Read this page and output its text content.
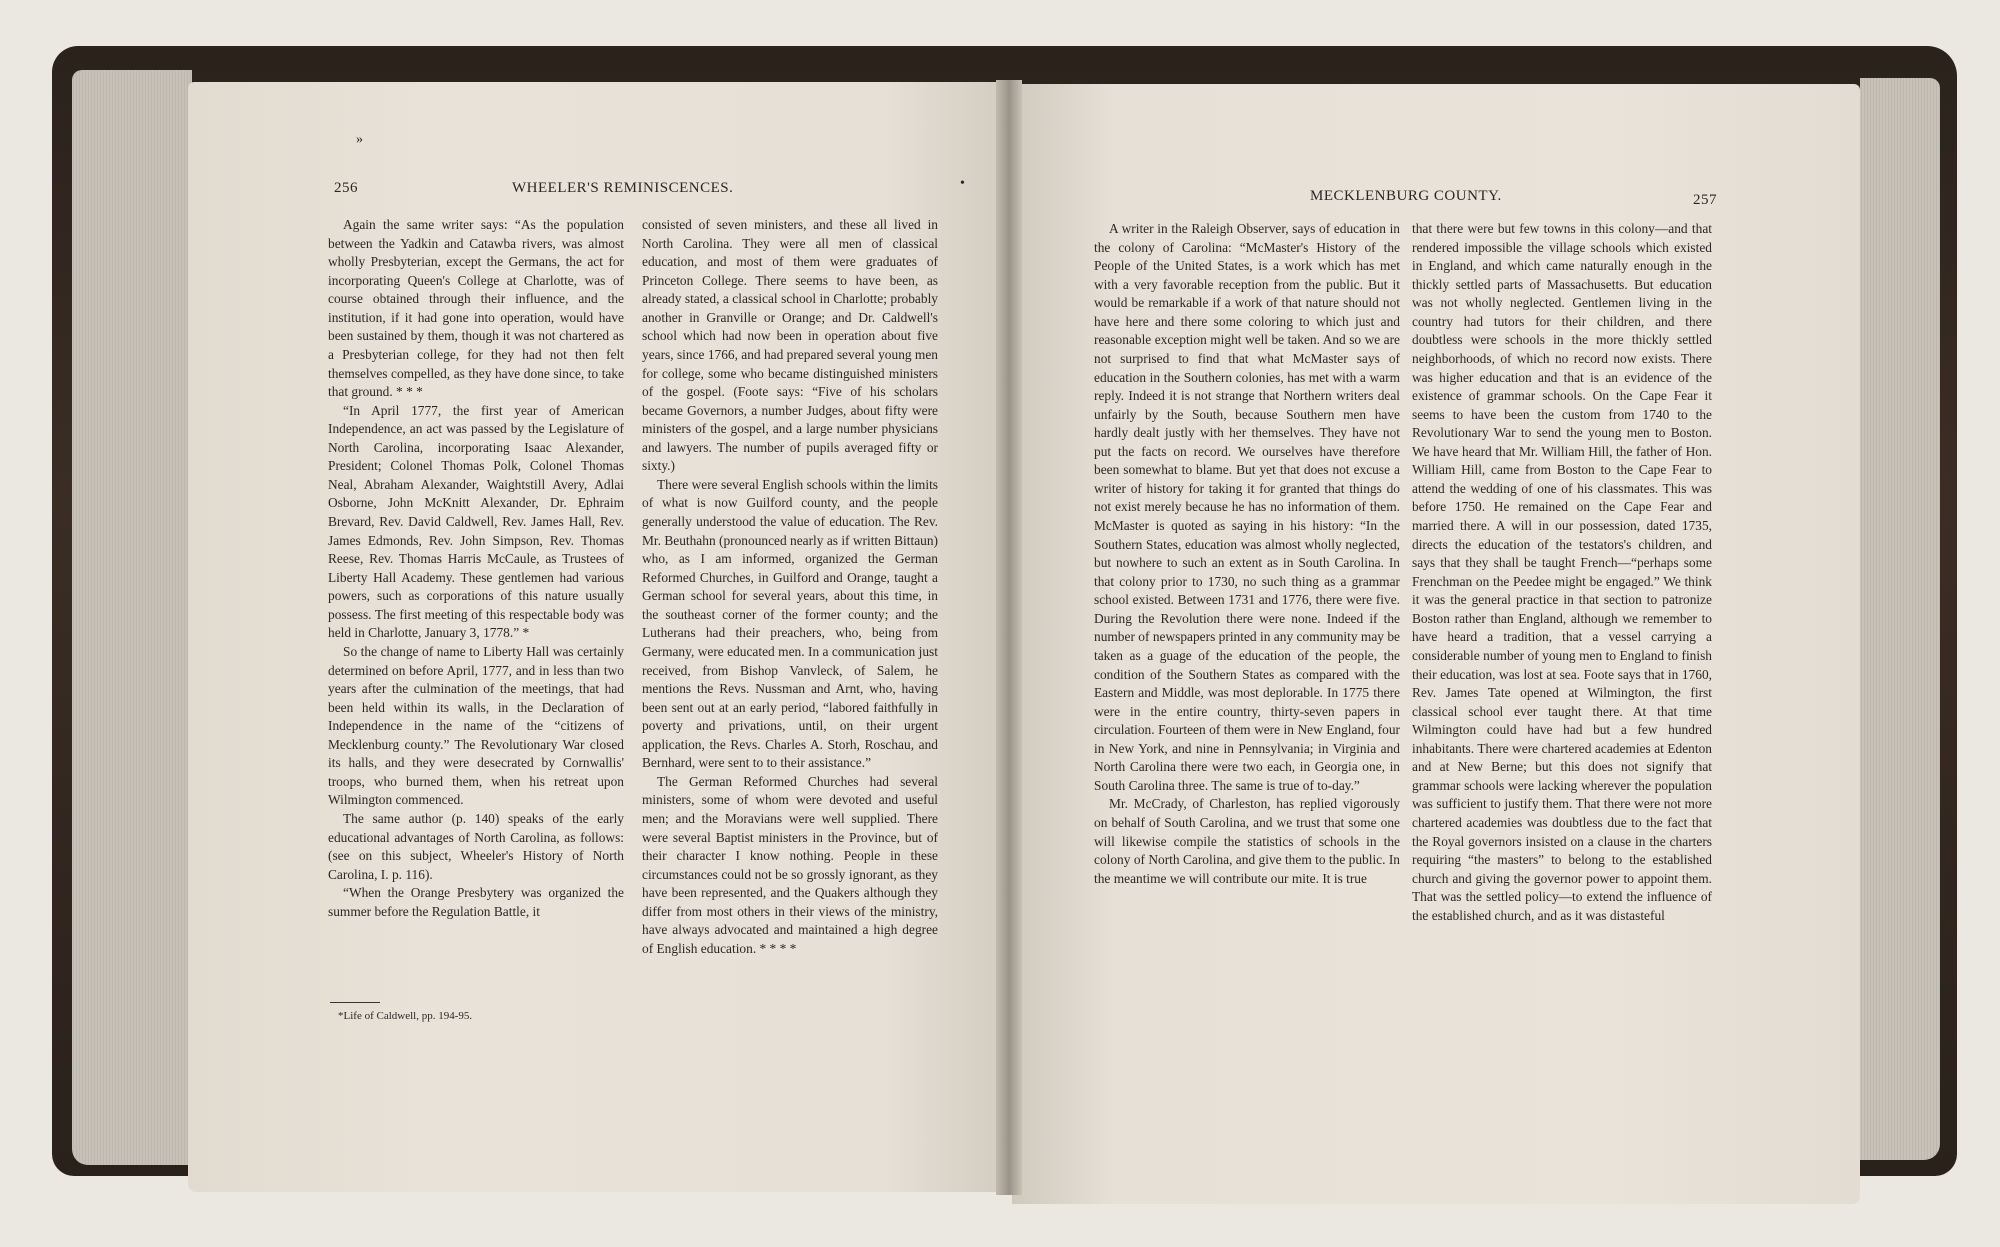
256	WHEELER'S REMINISCENCES.

Again the same writer says: “As the population between the Yadkin and Catawba rivers, was almost wholly Presbyterian, except the Germans, the act for incorporating Queen's College at Charlotte, was of course obtained through their influence, and the institution, if it had gone into operation, would have been sustained by them, though it was not chartered as a Presbyterian college, for they had not then felt themselves compelled, as they have done since, to take that ground. * * *

“In April 1777, the first year of American Independence, an act was passed by the Legislature of North Carolina, incorporating Isaac Alexander, President; Colonel Thomas Polk, Colonel Thomas Neal, Abraham Alexander, Waightstill Avery, Adlai Osborne, John McKnitt Alexander, Dr. Ephraim Brevard, Rev. David Caldwell, Rev. James Hall, Rev. James Edmonds, Rev. John Simpson, Rev. Thomas Reese, Rev. Thomas Harris McCaule, as Trustees of Liberty Hall Academy. These gentlemen had various powers, such as corporations of this nature usually possess. The first meeting of this respectable body was held in Charlotte, January 3, 1778.” *

So the change of name to Liberty Hall was certainly determined on before April, 1777, and in less than two years after the culmination of the meetings, that had been held within its walls, in the Declaration of Independence in the name of the “citizens of Mecklenburg county.” The Revolutionary War closed its halls, and they were desecrated by Cornwallis' troops, who burned them, when his retreat upon Wilmington commenced.

The same author (p. 140) speaks of the early educational advantages of North Carolina, as follows: (see on this subject, Wheeler's History of North Carolina, I. p. 116).

“When the Orange Presbytery was organized the summer before the Regulation Battle, it

consisted of seven ministers, and these all lived in North Carolina. They were all men of classical education, and most of them were graduates of Princeton College. There seems to have been, as already stated, a classical school in Charlotte; probably another in Granville or Orange; and Dr. Caldwell's school which had now been in operation about five years, since 1766, and had prepared several young men for college, some who became distinguished ministers of the gospel. (Foote says: “Five of his scholars became Governors, a number Judges, about fifty were ministers of the gospel, and a large number physicians and lawyers. The number of pupils averaged fifty or sixty.)

There were several English schools within the limits of what is now Guilford county, and the people generally understood the value of education. The Rev. Mr. Beuthahn (pronounced nearly as if written Bittaun) who, as I am informed, organized the German Reformed Churches, in Guilford and Orange, taught a German school for several years, about this time, in the southeast corner of the former county; and the Lutherans had their preachers, who, being from Germany, were educated men. In a communication just received, from Bishop Vanvleck, of Salem, he mentions the Revs. Nussman and Arnt, who, having been sent out at an early period, “labored faithfully in poverty and privations, until, on their urgent application, the Revs. Charles A. Storh, Roschau, and Bernhard, were sent to to their assistance.”

The German Reformed Churches had several ministers, some of whom were devoted and useful men; and the Moravians were well supplied. There were several Baptist ministers in the Province, but of their character I know nothing. People in these circumstances could not be so grossly ignorant, as they have been represented, and the Quakers although they differ from most others in their views of the ministry, have always advocated and maintained a high degree of English education. * * * *

*Life of Caldwell, pp. 194-95.
MECKLENBURG COUNTY.	257

A writer in the Raleigh Observer, says of education in the colony of Carolina: “McMaster's History of the People of the United States, is a work which has met with a very favorable reception from the public. But it would be remarkable if a work of that nature should not have here and there some coloring to which just and reasonable exception might well be taken. And so we are not surprised to find that what McMaster says of education in the Southern colonies, has met with a warm reply. Indeed it is not strange that Northern writers deal unfairly by the South, because Southern men have hardly dealt justly with her themselves. They have not put the facts on record. We ourselves have therefore been somewhat to blame. But yet that does not excuse a writer of history for taking it for granted that things do not exist merely because he has no information of them. McMaster is quoted as saying in his history: “In the Southern States, education was almost wholly neglected, but nowhere to such an extent as in South Carolina. In that colony prior to 1730, no such thing as a grammar school existed. Between 1731 and 1776, there were five. During the Revolution there were none. Indeed if the number of newspapers printed in any community may be taken as a guage of the education of the people, the condition of the Southern States as compared with the Eastern and Middle, was most deplorable. In 1775 there were in the entire country, thirty-seven papers in circulation. Fourteen of them were in New England, four in New York, and nine in Pennsylvania; in Virginia and North Carolina there were two each, in Georgia one, in South Carolina three. The same is true of to-day.”

Mr. McCrady, of Charleston, has replied vigorously on behalf of South Carolina, and we trust that some one will likewise compile the statistics of schools in the colony of North Carolina, and give them to the public. In the meantime we will contribute our mite. It is true

that there were but few towns in this colony—and that rendered impossible the village schools which existed in England, and which came naturally enough in the thickly settled parts of Massachusetts. But education was not wholly neglected. Gentlemen living in the country had tutors for their children, and there doubtless were schools in the more thickly settled neighborhoods, of which no record now exists. There was higher education and that is an evidence of the existence of grammar schools. On the Cape Fear it seems to have been the custom from 1740 to the Revolutionary War to send the young men to Boston. We have heard that Mr. William Hill, the father of Hon. William Hill, came from Boston to the Cape Fear to attend the wedding of one of his classmates. This was before 1750. He remained on the Cape Fear and married there. A will in our possession, dated 1735, directs the education of the testators's children, and says that they shall be taught French—“perhaps some Frenchman on the Peedee might be engaged.” We think it was the general practice in that section to patronize Boston rather than England, although we remember to have heard a tradition, that a vessel carrying a considerable number of young men to England to finish their education, was lost at sea. Foote says that in 1760, Rev. James Tate opened at Wilmington, the first classical school ever taught there. At that time Wilmington could have had but a few hundred inhabitants. There were chartered academies at Edenton and at New Berne; but this does not signify that grammar schools were lacking wherever the population was sufficient to justify them. That there were not more chartered academies was doubtless due to the fact that the Royal governors insisted on a clause in the charters requiring “the masters” to belong to the established church and giving the governor power to appoint them. That was the settled policy—to extend the influence of the established church, and as it was distasteful

»
•
